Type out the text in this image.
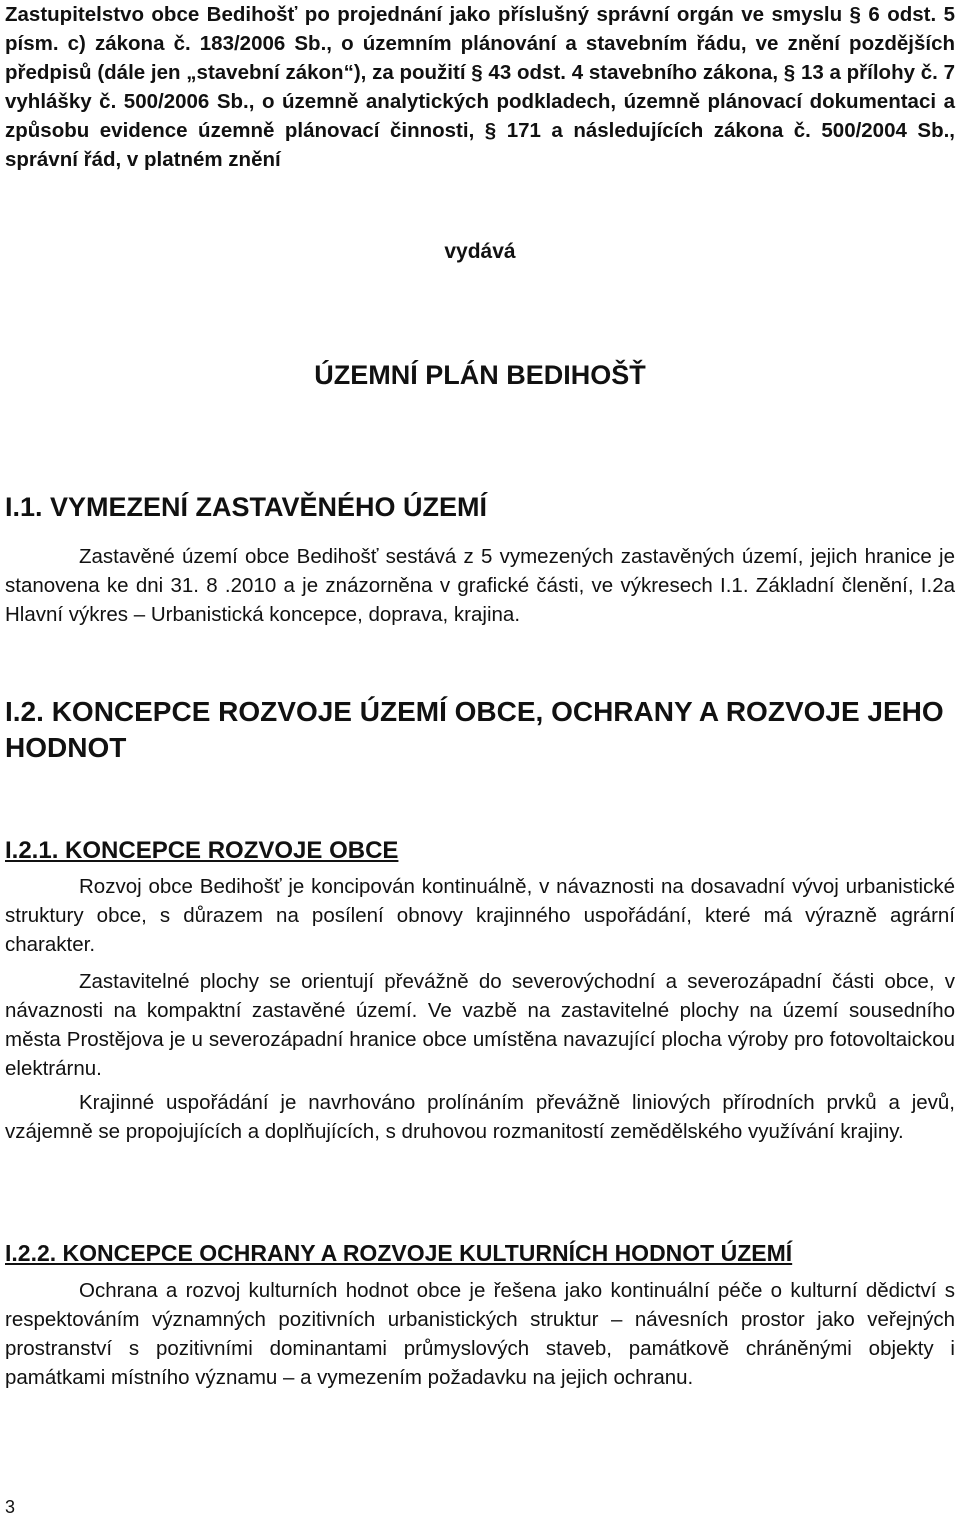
Zastupitelstvo obce Bedihošť po projednání jako příslušný správní orgán ve smyslu § 6 odst. 5 písm. c) zákona č. 183/2006 Sb., o územním plánování a stavebním řádu, ve znění pozdějších předpisů (dále jen „stavební zákon“), za použití § 43 odst. 4 stavebního zákona, § 13 a přílohy č. 7 vyhlášky č. 500/2006 Sb., o územně analytických podkladech, územně plánovací dokumentaci a způsobu evidence územně plánovací činnosti, § 171 a následujících zákona č. 500/2004 Sb., správní řád, v platném znění

vydává

ÚZEMNÍ PLÁN BEDIHOŠŤ

I.1. VYMEZENÍ ZASTAVĚNÉHO ÚZEMÍ

Zastavěné území obce Bedihošť sestává z 5 vymezených zastavěných území, jejich hranice je stanovena ke dni 31. 8 .2010 a je znázorněna v grafické části, ve výkresech I.1. Základní členění, I.2a Hlavní výkres – Urbanistická koncepce, doprava, krajina.

I.2. KONCEPCE ROZVOJE ÚZEMÍ OBCE, OCHRANY A ROZVOJE JEHO HODNOT

I.2.1. KONCEPCE ROZVOJE OBCE

Rozvoj obce Bedihošť je koncipován kontinuálně, v návaznosti na dosavadní vývoj urbanistické struktury obce, s důrazem na posílení obnovy krajinného uspořádání, které má výrazně agrární charakter.

Zastavitelné plochy se orientují převážně do severovýchodní a severozápadní části obce, v návaznosti na kompaktní zastavěné území. Ve vazbě na zastavitelné plochy na území sousedního města Prostějova je u severozápadní hranice obce umístěna navazující plocha výroby pro fotovoltaickou elektrárnu.

Krajinné uspořádání je navrhováno prolínáním převážně liniových přírodních prvků a jevů, vzájemně se propojujících a doplňujících, s druhovou rozmanitostí zemědělského využívání krajiny.

I.2.2. KONCEPCE OCHRANY A ROZVOJE KULTURNÍCH HODNOT ÚZEMÍ

Ochrana a rozvoj kulturních hodnot obce je řešena jako kontinuální péče o kulturní dědictví s respektováním významných pozitivních urbanistických struktur – návesních prostor jako veřejných prostranství s pozitivními dominantami průmyslových staveb, památkově chráněnými objekty i památkami místního významu – a vymezením požadavku na jejich ochranu.

3
